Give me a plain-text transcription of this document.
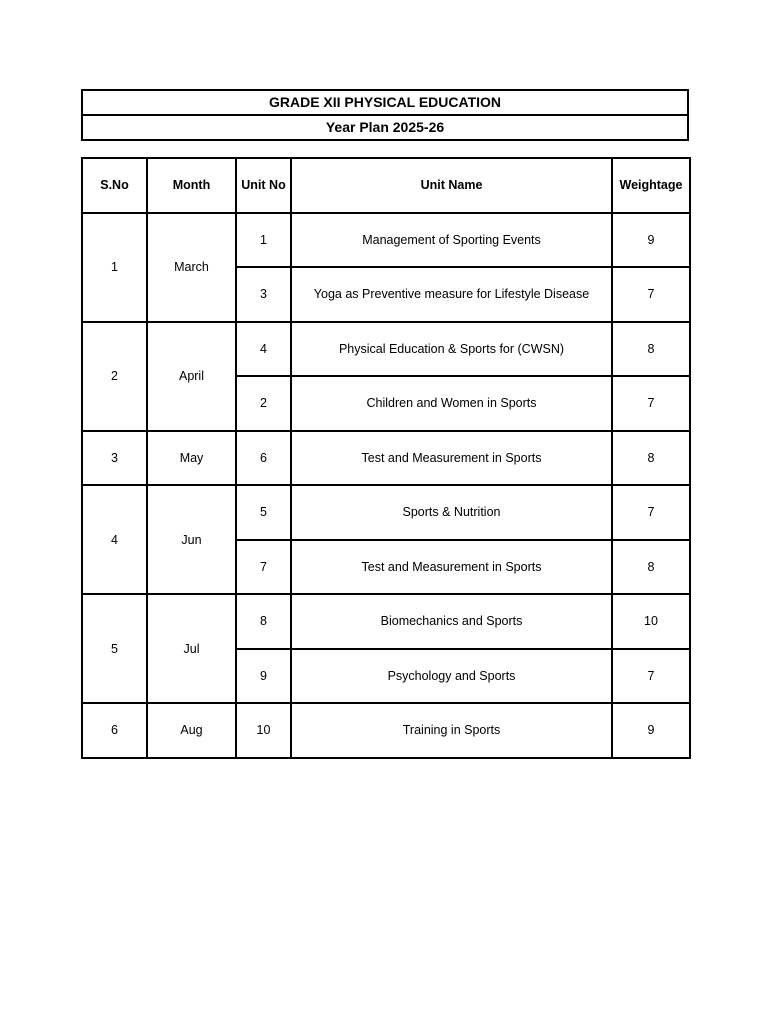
GRADE XII PHYSICAL EDUCATION
Year Plan 2025-26
S.No	Month	Unit No	Unit Name	Weightage
1	March	1	Management of Sporting Events	9
		3	Yoga as Preventive measure for Lifestyle Disease	7
2	April	4	Physical Education & Sports for (CWSN)	8
		2	Children and Women in Sports	7
3	May	6	Test and Measurement in Sports	8
4	Jun	5	Sports & Nutrition	7
		7	Test and Measurement in Sports	8
5	Jul	8	Biomechanics and Sports	10
		9	Psychology and Sports	7
6	Aug	10	Training in Sports	9
